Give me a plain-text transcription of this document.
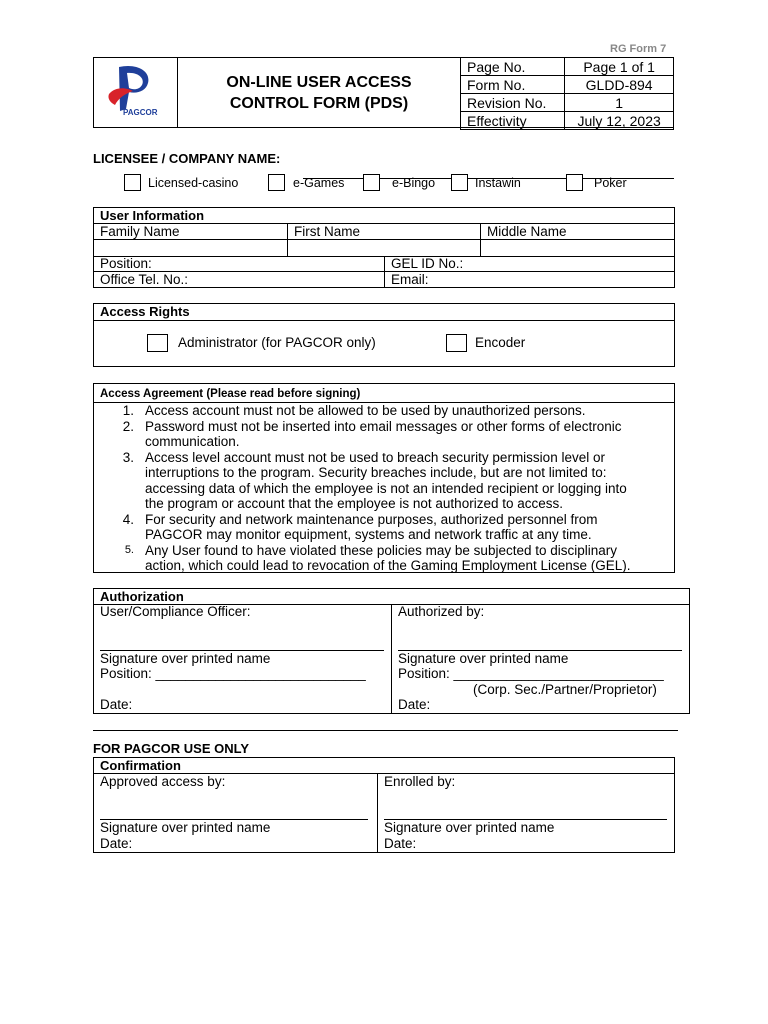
RG Form 7
PAGCOR
ON-LINE USER ACCESS
CONTROL FORM (PDS)
Page No.	Page 1 of 1
Form No.	GLDD-894
Revision No.	1
Effectivity	July 12, 2023
LICENSEE / COMPANY NAME:
Licensed-casino	e-Games	e-Bingo	Instawin	Poker
User Information
Family Name	First Name	Middle Name
Position:	GEL ID No.:
Office Tel. No.:	Email:
Access Rights
Administrator (for PAGCOR only)	Encoder
Access Agreement (Please read before signing)
1. Access account must not be allowed to be used by unauthorized persons.
2. Password must not be inserted into email messages or other forms of electronic
communication.
3. Access level account must not be used to breach security permission level or
interruptions to the program. Security breaches include, but are not limited to:
accessing data of which the employee is not an intended recipient or logging into
the program or account that the employee is not authorized to access.
4. For security and network maintenance purposes, authorized personnel from
PAGCOR may monitor equipment, systems and network traffic at any time.
5. Any User found to have violated these policies may be subjected to disciplinary
action, which could lead to revocation of the Gaming Employment License (GEL).
Authorization
User/Compliance Officer:	Authorized by:
Signature over printed name	Signature over printed name
Position: ____________________________ Position: ____________________________
(Corp. Sec./Partner/Proprietor)
Date:	Date:
FOR PAGCOR USE ONLY
Confirmation
Approved access by:	Enrolled by:
Signature over printed name	Signature over printed name
Date:	Date:
